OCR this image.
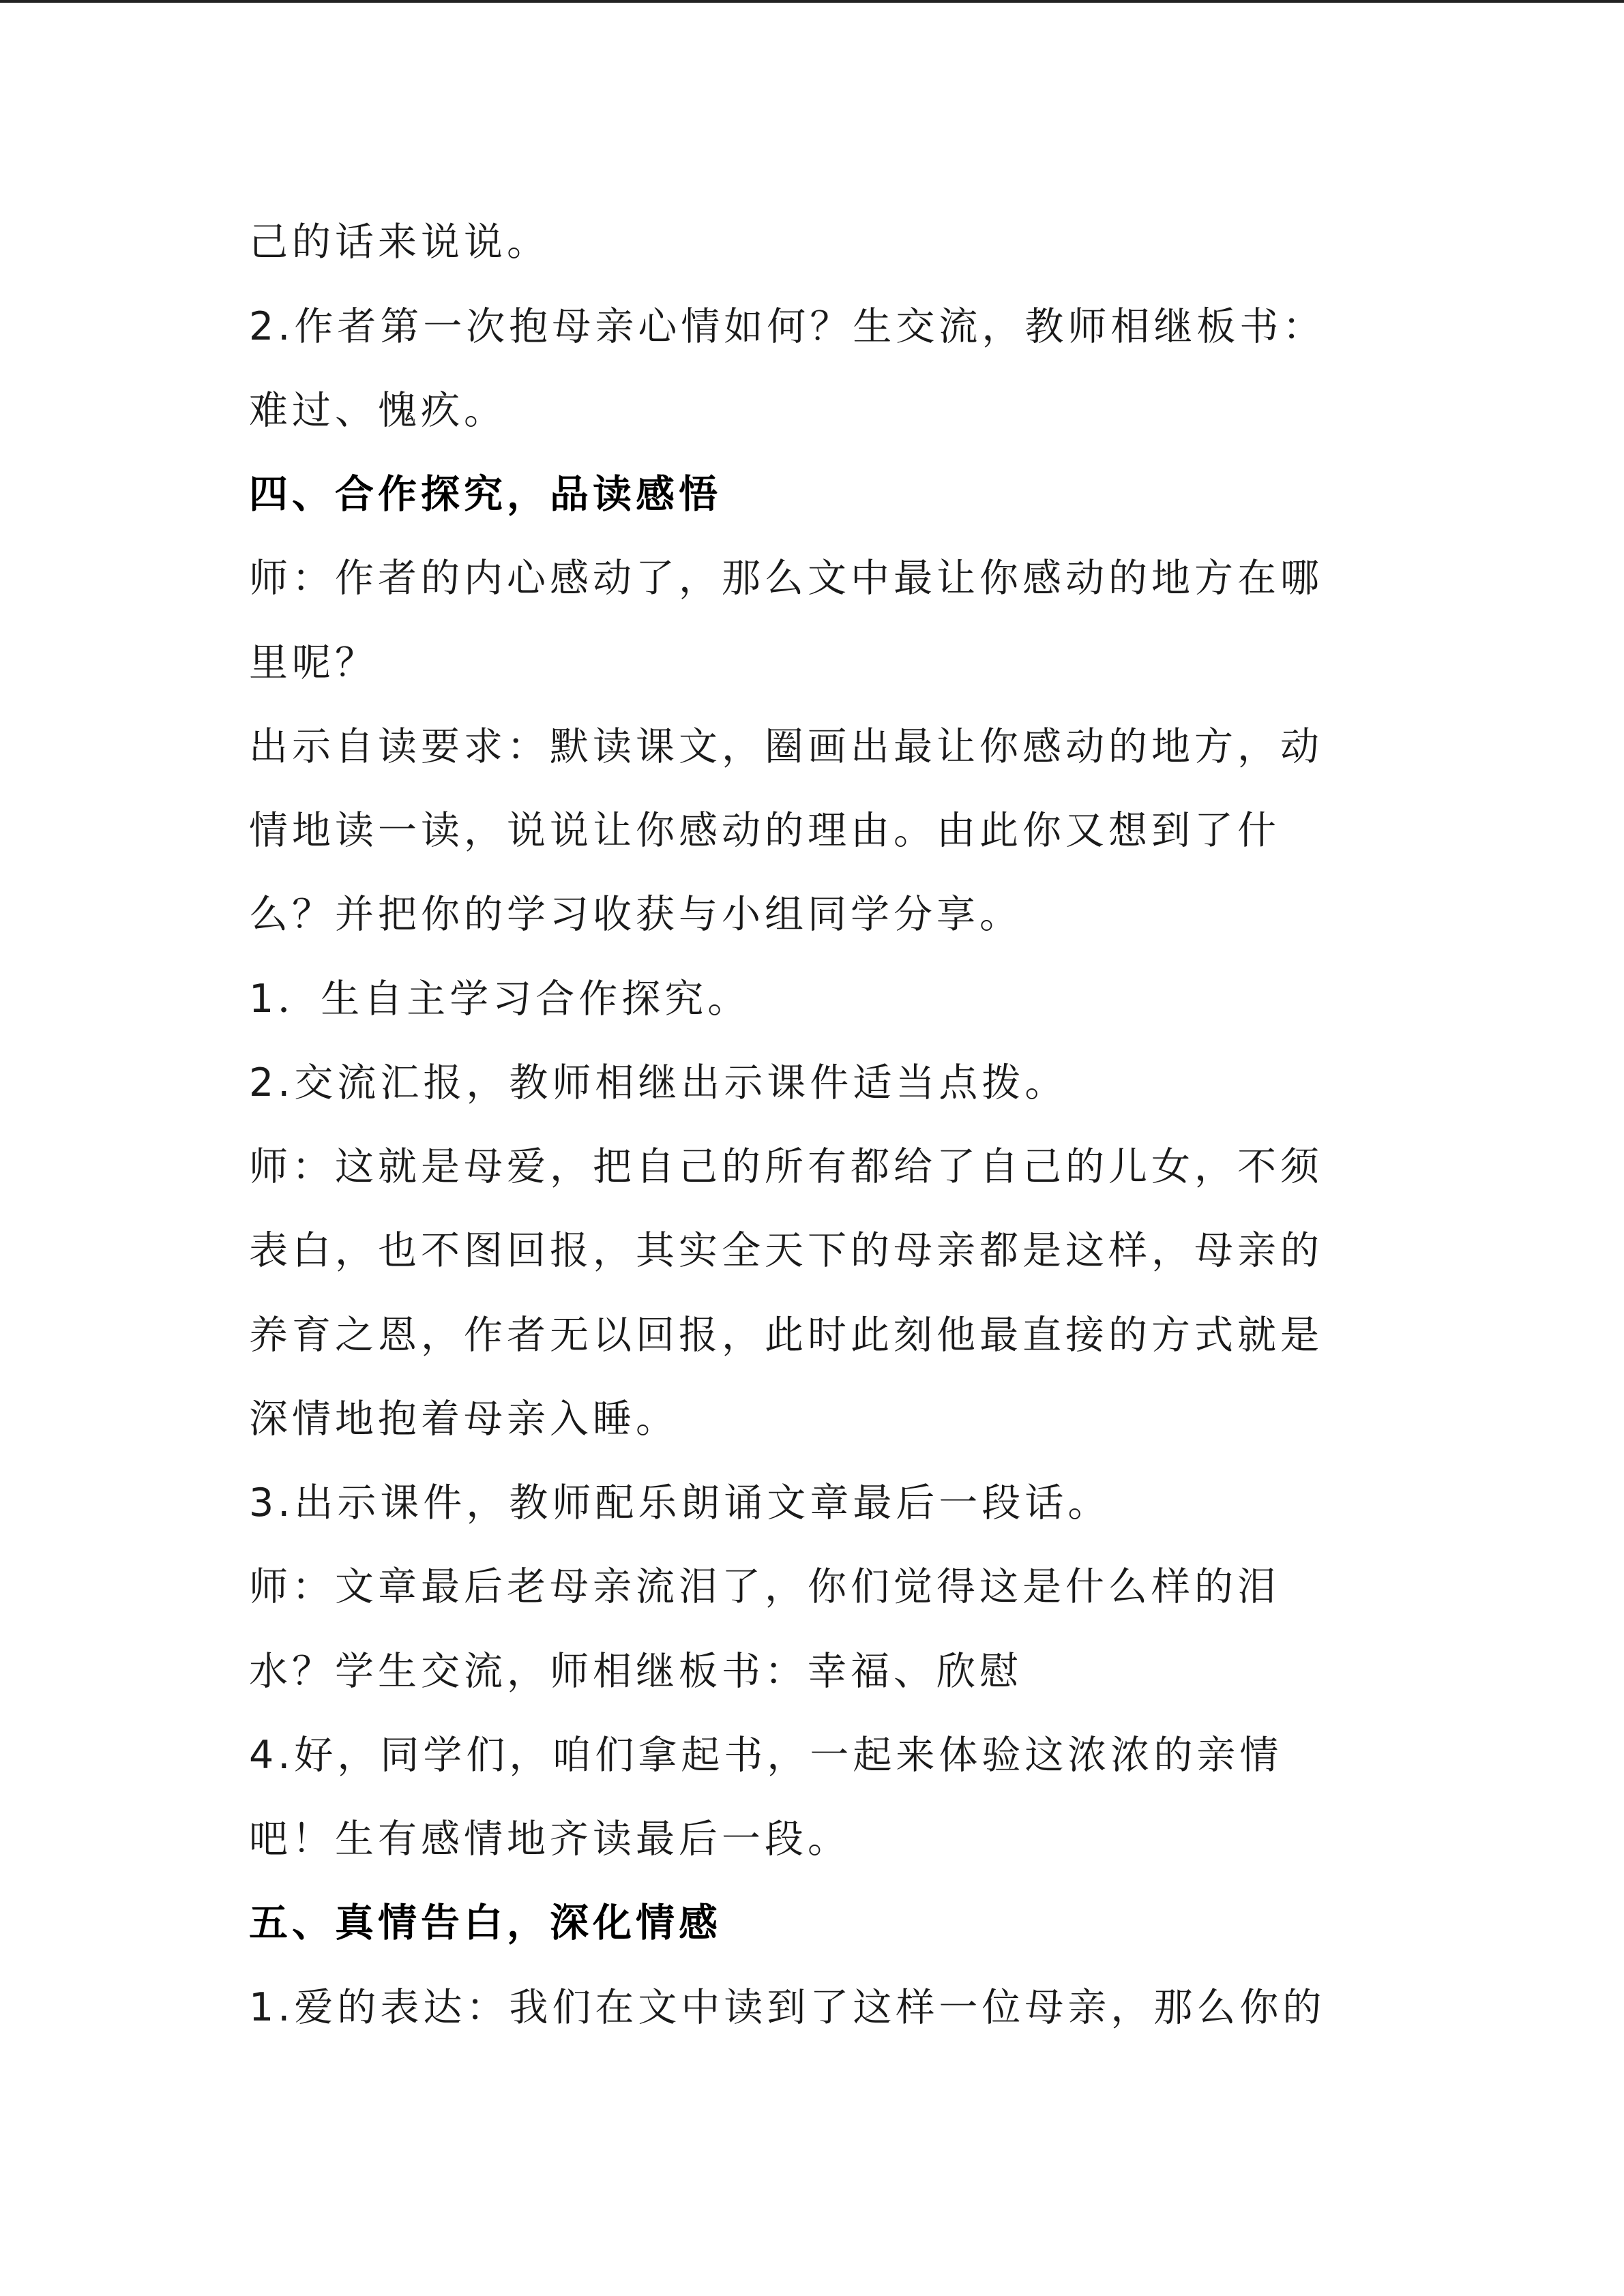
己的话来说说。
2.作者第一次抱母亲心情如何？生交流，教师相继板书：
难过、愧疚。
四、合作探究，品读感悟
师：作者的内心感动了，那么文中最让你感动的地方在哪
里呢？
出示自读要求：默读课文，圈画出最让你感动的地方，动
情地读一读，说说让你感动的理由。由此你又想到了什
么？并把你的学习收获与小组同学分享。
1．生自主学习合作探究。
2.交流汇报，教师相继出示课件适当点拨。
师：这就是母爱，把自己的所有都给了自己的儿女，不须
表白，也不图回报，其实全天下的母亲都是这样，母亲的
养育之恩，作者无以回报，此时此刻他最直接的方式就是
深情地抱着母亲入睡。
3.出示课件，教师配乐朗诵文章最后一段话。
师：文章最后老母亲流泪了，你们觉得这是什么样的泪
水？学生交流，师相继板书：幸福、欣慰
4.好，同学们，咱们拿起书，一起来体验这浓浓的亲情
吧！生有感情地齐读最后一段。
五、真情告白，深化情感
1.爱的表达：我们在文中读到了这样一位母亲，那么你的
